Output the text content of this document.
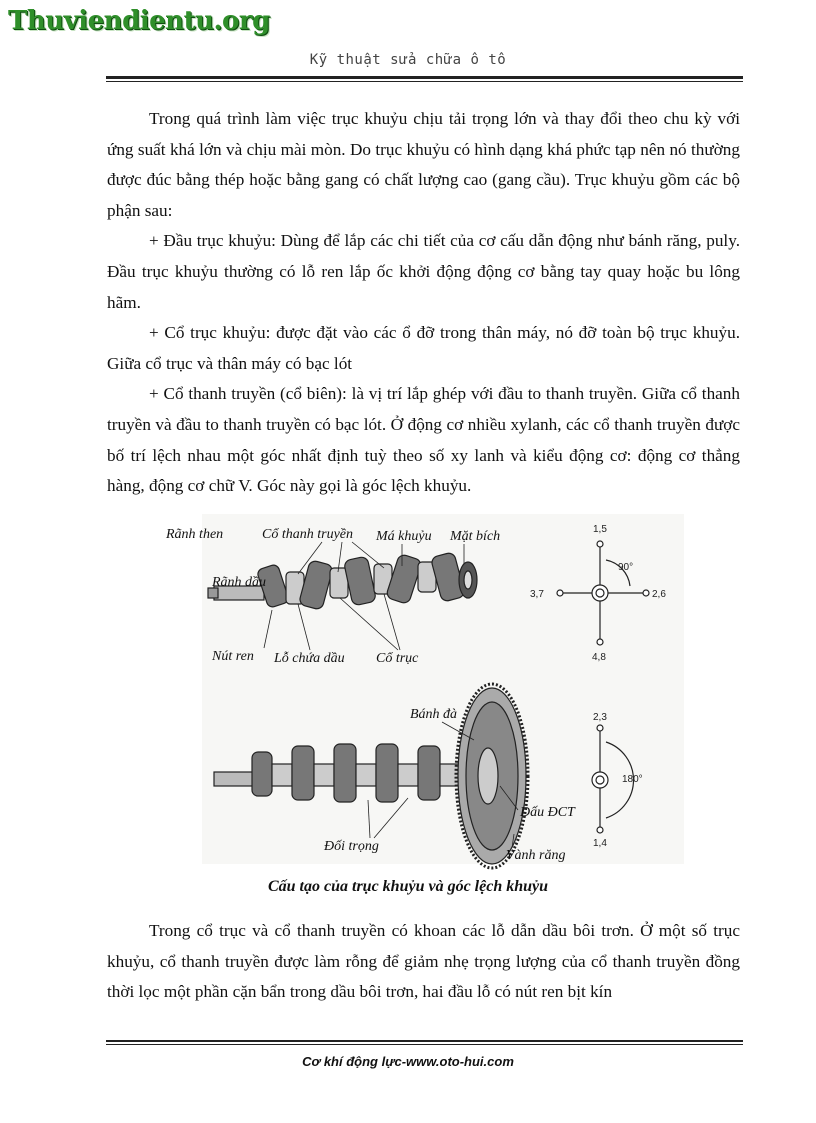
Thuviendientu.org
Kỹ thuật sửa chữa ô tô

Trong quá trình làm việc trục khuỷu chịu tải trọng lớn và thay đổi theo chu kỳ với ứng suất khá lớn và chịu mài mòn. Do trục khuỷu có hình dạng khá phức tạp nên nó thường được đúc bằng thép hoặc bằng gang có chất lượng cao (gang cầu). Trục khuỷu gồm các bộ phận sau:

+ Đầu trục khuỷu: Dùng để lắp các chi tiết của cơ cấu dẫn động như bánh răng, puly. Đầu trục khuỷu thường có lỗ ren lắp ốc khởi động động cơ bằng tay quay hoặc bu lông hãm.

+ Cổ trục khuỷu: được đặt vào các ổ đỡ trong thân máy, nó đỡ toàn bộ trục khuỷu. Giữa cổ trục và thân máy có bạc lót

+ Cổ thanh truyền (cổ biên): là vị trí lắp ghép với đầu to thanh truyền. Giữa cổ thanh truyền và đầu to thanh truyền có bạc lót. Ở động cơ nhiều xylanh, các cổ thanh truyền được bố trí lệch nhau một góc nhất định tuỳ theo số xy lanh và kiểu động cơ: động cơ thẳng hàng, động cơ chữ V. Góc này gọi là góc lệch khuỷu.

Rãnh then
Rãnh dầu
Cổ thanh truyền Má khuỷu Mặt bích
Nút ren Lỗ chứa dầu Cổ trục
1,5
3,7	2,6
4,8
90°
Bánh đà
Dấu ĐCT
Đối trọng
Vành răng
2,3
1,4
180°
Cấu tạo của trục khuỷu và góc lệch khuỷu

Trong cổ trục và cổ thanh truyền có khoan các lỗ dẫn dầu bôi trơn. Ở một số trục khuỷu, cổ thanh truyền được làm rỗng để giảm nhẹ trọng lượng của cổ thanh truyền đồng thời lọc một phần cặn bẩn trong dầu bôi trơn, hai đầu lỗ có nút ren bịt kín

Cơ khí động lực-www.oto-hui.com
